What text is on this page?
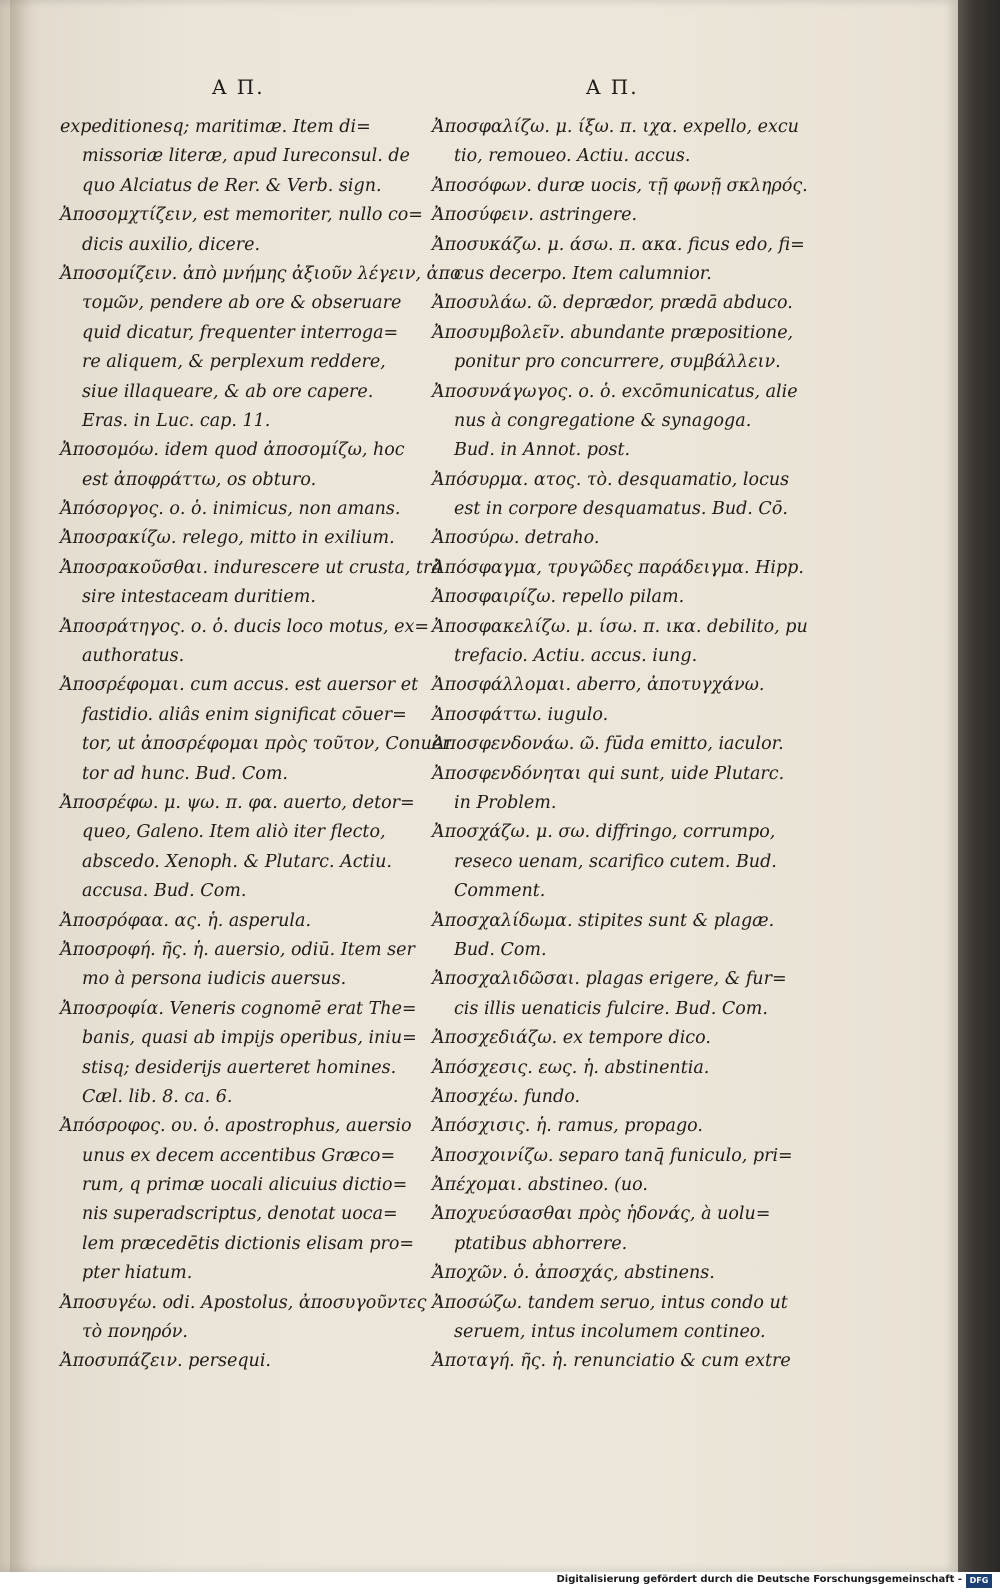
A Π.	A Π.
expeditionesq; maritimæ. Item di=
missoriæ literæ, apud Iureconsul. de
quo Alciatus de Rer. & Verb. sign.
Ἀποσομχτίζειν, est memoriter, nullo co=
dicis auxilio, dicere.
Ἀποσομίζειν. ἀπὸ μνήμης ἀξιοῦν λέγειν, ἀπο
τομῶν, pendere ab ore & obseruare
quid dicatur, frequenter interroga=
re aliquem, & perplexum reddere,
siue illaqueare, & ab ore capere.
Eras. in Luc. cap. 11.
Ἀποσομόω. idem quod ἀποσομίζω, hoc
est ἀποφράττω, os obturo.
Ἀπόσοργος. ο. ὁ. inimicus, non amans.
Ἀποσρακίζω. relego, mitto in exilium.
Ἀποσρακοῦσθαι. indurescere ut crusta, trā
sire intestaceam duritiem.
Ἀποσράτηγος. ο. ὁ. ducis loco motus, ex=
authoratus.
Ἀποσρέφομαι. cum accus. est auersor et
fastidio. aliâs enim significat cōuer=
tor, ut ἀποσρέφομαι πρὸς τοῦτον, Conuer
tor ad hunc. Bud. Com.
Ἀποσρέφω. μ. ψω. π. φα. auerto, detor=
queo, Galeno. Item aliò iter flecto,
abscedo. Xenoph. & Plutarc. Actiu.
accusa. Bud. Com.
Ἀποσρόφαα. ας. ἡ. asperula.
Ἀποσροφή. ῆς. ἡ. auersio, odiū. Item ser
mo à persona iudicis auersus.
Ἀποσροφία. Veneris cognomē erat The=
banis, quasi ab impijs operibus, iniu=
stisq; desiderijs auerteret homines.
Cæl. lib. 8. ca. 6.
Ἀπόσροφος. ου. ὁ. apostrophus, auersio
unus ex decem accentibus Græco=
rum, q primæ uocali alicuius dictio=
nis superadscriptus, denotat uoca=
lem præcedētis dictionis elisam pro=
pter hiatum.
Ἀποσυγέω. odi. Apostolus, ἀποσυγοῦντες
τὸ πονηρόν.
Ἀποσυπάζειν. persequi.
Ἀποσφαλίζω. μ. ίξω. π. ιχα. expello, excu
tio, remoueo. Actiu. accus.
Ἀποσόφων. duræ uocis, τῇ φωνῇ σκληρός.
Ἀποσύφειν. astringere.
Ἀποσυκάζω. μ. άσω. π. ακα. ficus edo, fi=
cus decerpo. Item calumnior.
Ἀποσυλάω. ῶ. deprædor, prædā abduco.
Ἀποσυμβολεῖν. abundante præpositione,
ponitur pro concurrere, συμβάλλειν.
Ἀποσυνάγωγος. ο. ὁ. excōmunicatus, alie
nus à congregatione & synagoga.
Bud. in Annot. post.
Ἀπόσυρμα. ατος. τὸ. desquamatio, locus
est in corpore desquamatus. Bud. Cō.
Ἀποσύρω. detraho.
Ἀπόσφαγμα, τρυγῶδες παράδειγμα. Hipp.
Ἀποσφαιρίζω. repello pilam.
Ἀποσφακελίζω. μ. ίσω. π. ικα. debilito, pu
trefacio. Actiu. accus. iung.
Ἀποσφάλλομαι. aberro, ἀποτυγχάνω.
Ἀποσφάττω. iugulo.
Ἀποσφενδονάω. ῶ. fūda emitto, iaculor.
Ἀποσφενδόνηται qui sunt, uide Plutarc.
in Problem.
Ἀποσχάζω. μ. σω. diffringo, corrumpo,
reseco uenam, scarifico cutem. Bud.
Comment.
Ἀποσχαλίδωμα. stipites sunt & plagæ.
Bud. Com.
Ἀποσχαλιδῶσαι. plagas erigere, & fur=
cis illis uenaticis fulcire. Bud. Com.
Ἀποσχεδιάζω. ex tempore dico.
Ἀπόσχεσις. εως. ἡ. abstinentia.
Ἀποσχέω. fundo.
Ἀπόσχισις. ἡ. ramus, propago.
Ἀποσχοινίζω. separo tanq̄ funiculo, pri=
Ἀπέχομαι. abstineo. (uo.
Ἀποχυεύσασθαι πρὸς ἡδονάς, à uolu=
ptatibus abhorrere.
Ἀποχῶν. ὁ. ἀποσχάς, abstinens.
Ἀποσώζω. tandem seruo, intus condo ut
seruem, intus incolumem contineo.
Ἀποταγή. ῆς. ἡ. renunciatio & cum extre
Digitalisierung gefördert durch die Deutsche Forschungsgemeinschaft - DFG
